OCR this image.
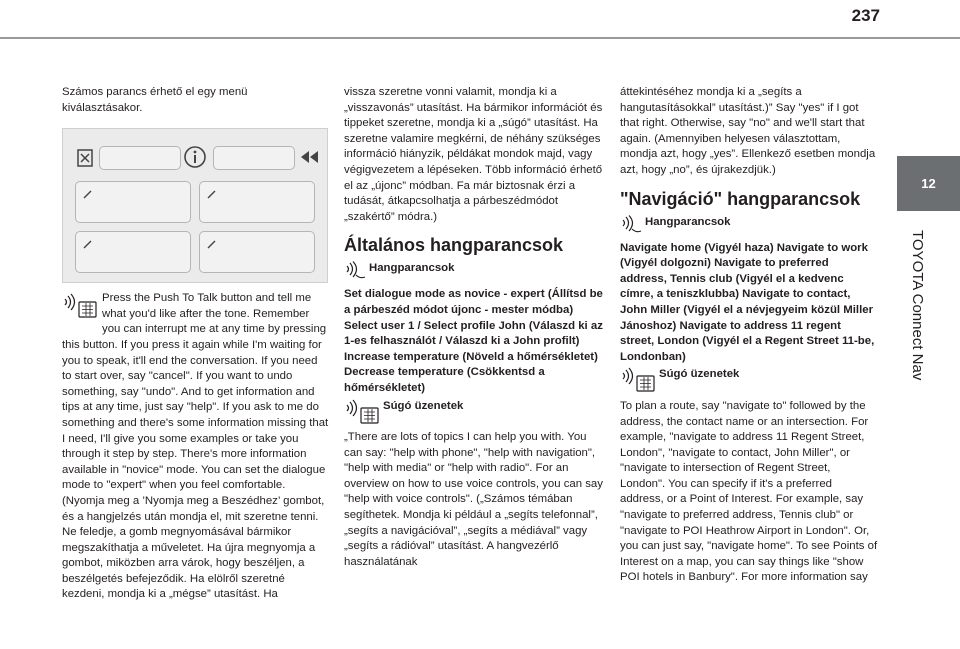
237
12
TOYOTA Connect Nav

Számos parancs érhető el egy menü kiválasztásakor.

Press the Push To Talk button and tell me what you'd like after the tone. Remember you can interrupt me at any time by pressing this button. If you press it again while I'm waiting for you to speak, it'll end the conversation. If you need to start over, say "cancel". If you want to undo something, say "undo". And to get information and tips at any time, just say "help". If you ask to me do something and there's some information missing that I need, I'll give you some examples or take you through it step by step. There's more information available in "novice" mode. You can set the dialogue mode to "expert" when you feel comfortable. (Nyomja meg a ’Nyomja meg a Beszédhez’ gombot, és a hangjelzés után mondja el, mit szeretne tenni. Ne feledje, a gomb megnyomásával bármikor megszakíthatja a műveletet. Ha újra megnyomja a gombot, miközben arra várok, hogy beszéljen, a beszélgetés befejeződik. Ha elölről szeretné kezdeni, mondja ki a „mégse” utasítást. Ha

vissza szeretne vonni valamit, mondja ki a „visszavonás” utasítást. Ha bármikor információt és tippeket szeretne, mondja ki a „súgó” utasítást. Ha szeretne valamire megkérni, de néhány szükséges információ hiányzik, példákat mondok majd, vagy végigvezetem a lépéseken. Több információ érhető el az „újonc” módban. Fa már biztosnak érzi a tudását, átkapcsolhatja a párbeszédmódot „szakértő” módra.)

Általános hangparancsok
Hangparancsok

Set dialogue mode as novice - expert (Állítsd be a párbeszéd módot újonc - mester módba) Select user 1 / Select profile John (Válaszd ki az 1-es felhasználót / Válaszd ki a John profilt) Increase temperature (Növeld a hőmérsékletet) Decrease temperature (Csökkentsd a hőmérsékletet)

Súgó üzenetek

„There are lots of topics I can help you with. You can say: "help with phone", "help with navigation", "help with media" or "help with radio". For an overview on how to use voice controls, you can say "help with voice controls". („Számos témában segíthetek. Mondja ki például a „segíts telefonnal”, „segíts a navigációval”, „segíts a médiával” vagy „segíts a rádióval” utasítást. A hangvezérlő használatának

áttekintéséhez mondja ki a „segíts a hangutasításokkal” utasítást.)” Say "yes" if I got that right. Otherwise, say "no" and we'll start that again. (Amennyiben helyesen választottam, mondja azt, hogy „yes”. Ellenkező esetben mondja azt, hogy „no”, és újrakezdjük.)

"Navigáció" hangparancsok
Hangparancsok

Navigate home (Vigyél haza) Navigate to work (Vigyél dolgozni) Navigate to preferred address, Tennis club (Vigyél el a kedvenc címre, a teniszklubba) Navigate to contact, John Miller (Vigyél el a névjegyeim közül Miller Jánoshoz) Navigate to address 11 regent street, London (Vigyél el a Regent Street 11-be, Londonban)

Súgó üzenetek

To plan a route, say "navigate to" followed by the address, the contact name or an intersection. For example, "navigate to address 11 Regent Street, London", "navigate to contact, John Miller", or "navigate to intersection of Regent Street, London". You can specify if it's a preferred address, or a Point of Interest. For example, say "navigate to preferred address, Tennis club" or "navigate to POI Heathrow Airport in London". Or, you can just say, "navigate home". To see Points of Interest on a map, you can say things like "show POI hotels in Banbury". For more information say
